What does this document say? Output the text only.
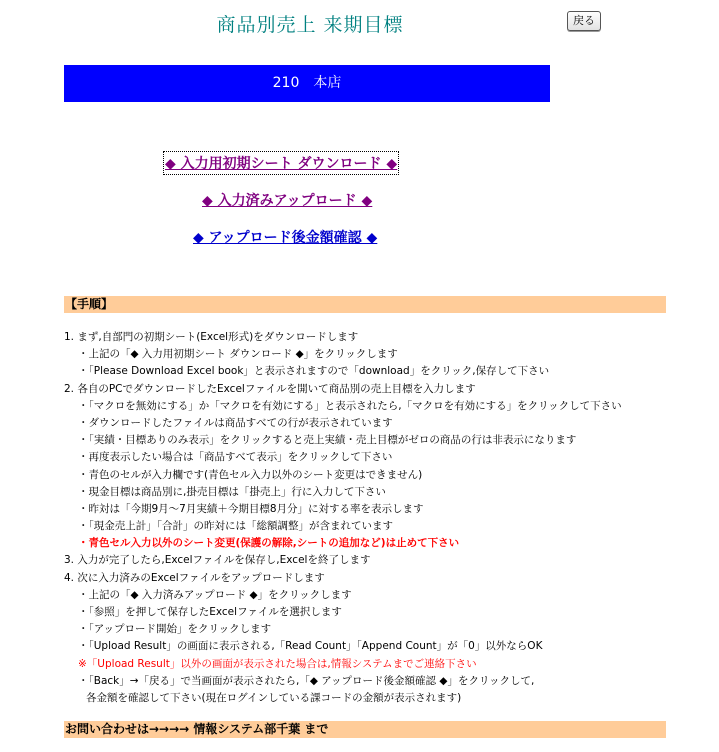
商品別売上 来期目標	戻る
210　本店
◆ 入力用初期シート ダウンロード ◆
◆ 入力済みアップロード ◆
◆ アップロード後金額確認 ◆
【手順】
1. まず,自部門の初期シート(Excel形式)をダウンロードします
・上記の「◆ 入力用初期シート ダウンロード ◆」をクリックします
・「Please Download Excel book」と表示されますので「download」をクリック,保存して下さい
2. 各自のPCでダウンロードしたExcelファイルを開いて商品別の売上目標を入力します
・「マクロを無効にする」か「マクロを有効にする」と表示されたら,「マクロを有効にする」をクリックして下さい
・ダウンロードしたファイルは商品すべての行が表示されています
・「実績・目標ありのみ表示」をクリックすると売上実績・売上目標がゼロの商品の行は非表示になります
・再度表示したい場合は「商品すべて表示」をクリックして下さい
・青色のセルが入力欄です(青色セル入力以外のシート変更はできません)
・現金目標は商品別に,掛売目標は「掛売上」行に入力して下さい
・昨対は「今期9月〜7月実績＋今期目標8月分」に対する率を表示します
・「現金売上計」「合計」の昨対には「総額調整」が含まれています
・青色セル入力以外のシート変更(保護の解除,シートの追加など)は止めて下さい
3. 入力が完了したら,Excelファイルを保存し,Excelを終了します
4. 次に入力済みのExcelファイルをアップロードします
・上記の「◆ 入力済みアップロード ◆」をクリックします
・「参照」を押して保存したExcelファイルを選択します
・「アップロード開始」をクリックします
・「Upload Result」の画面に表示される,「Read Count」「Append Count」が「0」以外ならOK
※「Upload Result」以外の画面が表示された場合は,情報システムまでご連絡下さい
・「Back」→「戻る」で当画面が表示されたら,「◆ アップロード後金額確認 ◆」をクリックして,
各金額を確認して下さい(現在ログインしている課コードの金額が表示されます)
お問い合わせは→→→→ 情報システム部千葉 まで
